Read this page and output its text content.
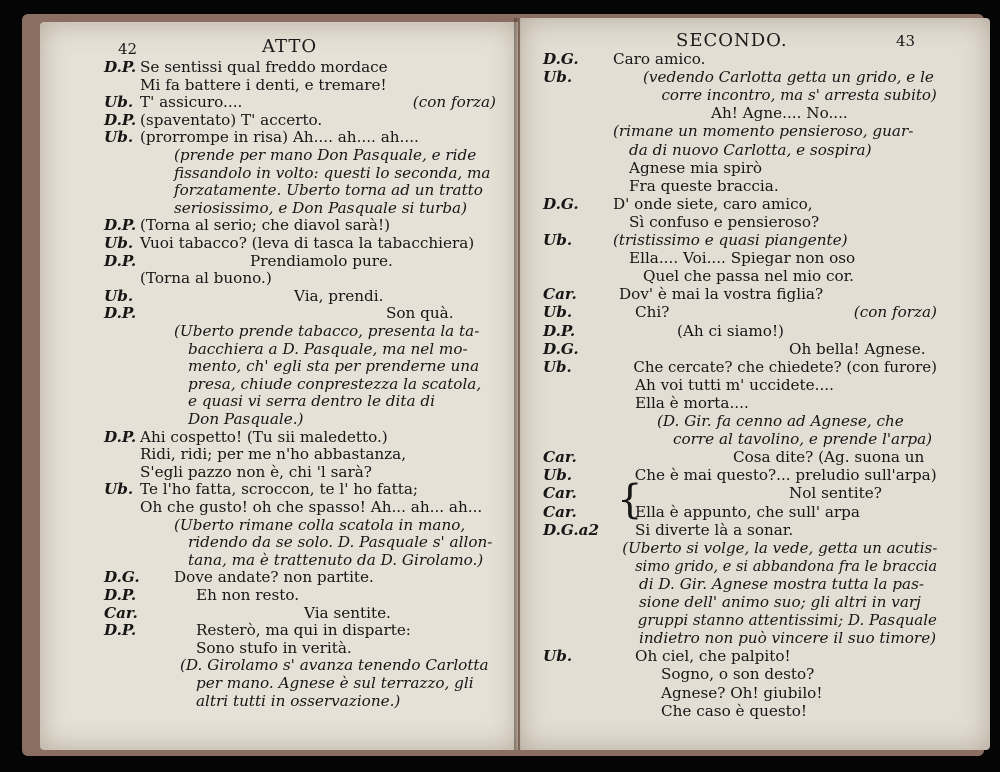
42	ATTO	43
SECONDO.
D.P. Se sentissi qual freddo mordace
Mi fa battere i denti, e tremare!
Ub. T' assicuro....	(con forza)
D.P. (spaventato) T' accerto.
Ub. (prorrompe in risa) Ah.... ah.... ah....
(prende per mano Don Pasquale, e ride
fissandolo in volto: questi lo seconda, ma
forzatamente. Uberto torna ad un tratto
seriosissimo, e Don Pasquale si turba)
D.P. (Torna al serio; che diavol sarà!)
Ub. Vuoi tabacco? (leva di tasca la tabacchiera)
D.P.	Prendiamolo pure.
(Torna al buono.)
Ub.	Via, prendi.
D.P.	Son quà.
(Uberto prende tabacco, presenta la ta-
bacchiera a D. Pasquale, ma nel mo-
mento, ch' egli sta per prenderne una
presa, chiude conprestezza la scatola,
e quasi vi serra dentro le dita di
Don Pasquale.)
D.P. Ahi cospetto! (Tu sii maledetto.)
Ridi, ridi; per me n'ho abbastanza,
S'egli pazzo non è, chi 'l sarà?
Ub. Te l'ho fatta, scroccon, te l' ho fatta;
Oh che gusto! oh che spasso! Ah... ah... ah...
(Uberto rimane colla scatola in mano,
ridendo da se solo. D. Pasquale s' allon-
tana, ma è trattenuto da D. Girolamo.)
D.G. Dove andate? non partite.
D.P.	Eh non resto.
Car.	Via sentite.
D.P.	Resterò, ma qui in disparte:
Sono stufo in verità.
(D. Girolamo s' avanza tenendo Carlotta
per mano. Agnese è sul terrazzo, gli
altri tutti in osservazione.)
D.G. Caro amico.
Ub.	(vedendo Carlotta getta un grido, e le
corre incontro, ma s' arresta subito)
Ah! Agne.... No....
(rimane un momento pensieroso, guar-
da di nuovo Carlotta, e sospira)
Agnese mia spirò
Fra queste braccia.
D.G. D' onde siete, caro amico,
Sì confuso e pensieroso?
Ub.	(tristissimo e quasi piangente)
Ella.... Voi.... Spiegar non oso
Quel che passa nel mio cor.
Car.	Dov' è mai la vostra figlia?
Ub.	Chi?	(con forza)
D.P.	(Ah ci siamo!)
D.G.	Oh bella! Agnese.
Ub.	Che cercate? che chiedete? (con furore)
Ah voi tutti m' uccidete....
Ella è morta....
(D. Gir. fa cenno ad Agnese, che
corre al tavolino, e prende l'arpa)
Car.	Cosa dite? (Ag. suona un
Ub.	Che è mai questo?... preludio sull'arpa)
Car.	Nol sentite?
Car.	Ella è appunto, che sull' arpa
D.G.a2 Si diverte là a sonar.
(Uberto si volge, la vede, getta un acutis-
simo grido, e si abbandona fra le braccia
di D. Gir. Agnese mostra tutta la pas-
sione dell' animo suo; gli altri in varj
gruppi stanno attentissimi; D. Pasquale
indietro non può vincere il suo timore)
Ub.	Oh ciel, che palpito!
Sogno, o son desto?
Agnese? Oh! giubilo!
Che caso è questo!
{
